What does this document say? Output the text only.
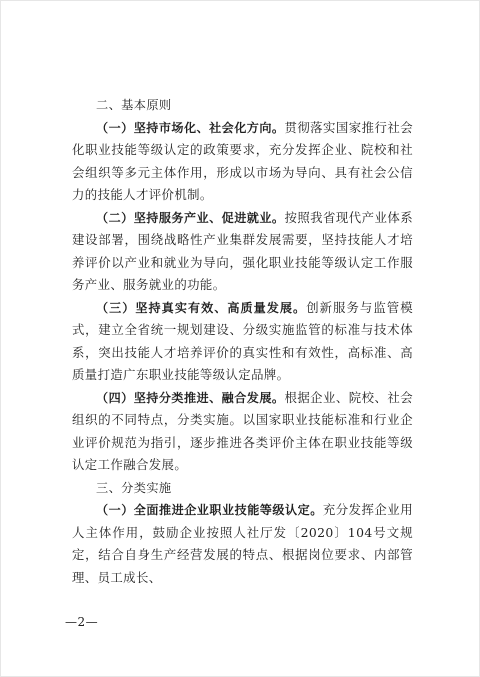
二、基本原则

（一）坚持市场化、社会化方向。贯彻落实国家推行社会化职业技能等级认定的政策要求，充分发挥企业、院校和社会组织等多元主体作用，形成以市场为导向、具有社会公信力的技能人才评价机制。

（二）坚持服务产业、促进就业。按照我省现代产业体系建设部署，围绕战略性产业集群发展需要，坚持技能人才培养评价以产业和就业为导向，强化职业技能等级认定工作服务产业、服务就业的功能。

（三）坚持真实有效、高质量发展。创新服务与监管模式，建立全省统一规划建设、分级实施监管的标准与技术体系，突出技能人才培养评价的真实性和有效性，高标准、高质量打造广东职业技能等级认定品牌。

（四）坚持分类推进、融合发展。根据企业、院校、社会组织的不同特点，分类实施。以国家职业技能标准和行业企业评价规范为指引，逐步推进各类评价主体在职业技能等级认定工作融合发展。

三、分类实施

（一）全面推进企业职业技能等级认定。充分发挥企业用人主体作用，鼓励企业按照人社厅发〔2020〕104号文规定，结合自身生产经营发展的特点、根据岗位要求、内部管理、员工成长、

—2—
